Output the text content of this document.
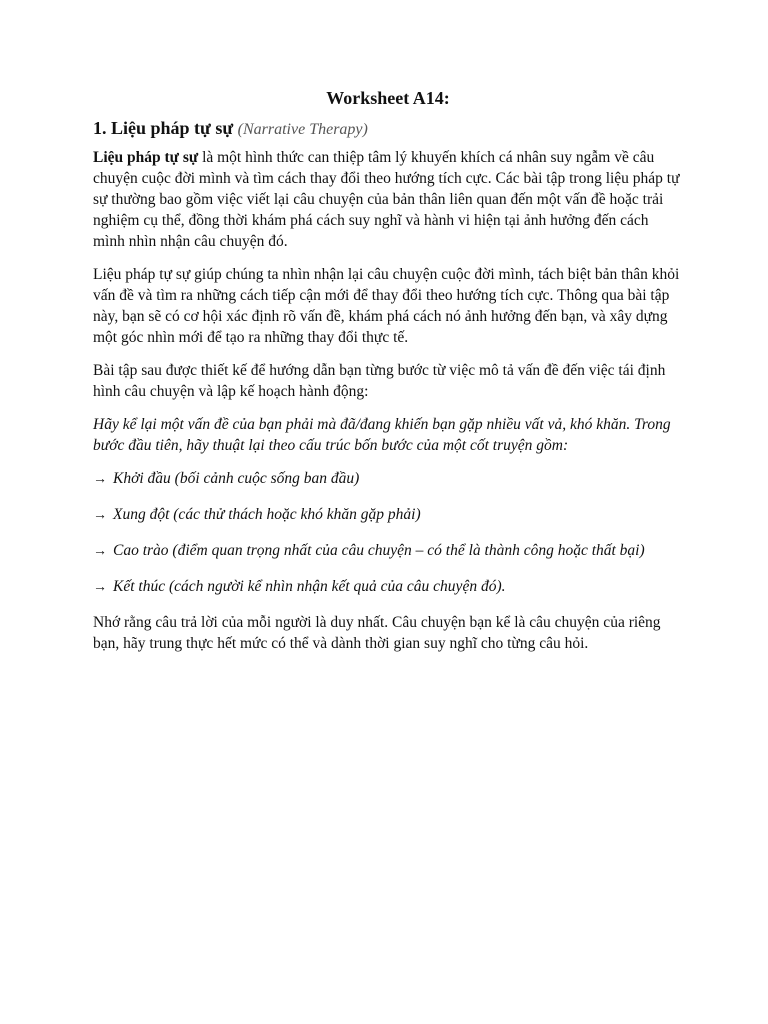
Worksheet A14:
1. Liệu pháp tự sự (Narrative Therapy)

Liệu pháp tự sự là một hình thức can thiệp tâm lý khuyến khích cá nhân suy ngẫm về câu chuyện cuộc đời mình và tìm cách thay đổi theo hướng tích cực. Các bài tập trong liệu pháp tự sự thường bao gồm việc viết lại câu chuyện của bản thân liên quan đến một vấn đề hoặc trải nghiệm cụ thể, đồng thời khám phá cách suy nghĩ và hành vi hiện tại ảnh hưởng đến cách mình nhìn nhận câu chuyện đó.

Liệu pháp tự sự giúp chúng ta nhìn nhận lại câu chuyện cuộc đời mình, tách biệt bản thân khỏi vấn đề và tìm ra những cách tiếp cận mới để thay đổi theo hướng tích cực. Thông qua bài tập này, bạn sẽ có cơ hội xác định rõ vấn đề, khám phá cách nó ảnh hưởng đến bạn, và xây dựng một góc nhìn mới để tạo ra những thay đổi thực tế.

Bài tập sau được thiết kế để hướng dẫn bạn từng bước từ việc mô tả vấn đề đến việc tái định hình câu chuyện và lập kế hoạch hành động:

Hãy kể lại một vấn đề của bạn phải mà đã/đang khiến bạn gặp nhiều vất vả, khó khăn. Trong bước đầu tiên, hãy thuật lại theo cấu trúc bốn bước của một cốt truyện gồm:

→ Khởi đầu (bối cảnh cuộc sống ban đầu)
→ Xung đột (các thử thách hoặc khó khăn gặp phải)
→ Cao trào (điểm quan trọng nhất của câu chuyện – có thể là thành công hoặc thất bại)
→ Kết thúc (cách người kể nhìn nhận kết quả của câu chuyện đó).

Nhớ rằng câu trả lời của mỗi người là duy nhất. Câu chuyện bạn kể là câu chuyện của riêng bạn, hãy trung thực hết mức có thể và dành thời gian suy nghĩ cho từng câu hỏi.
